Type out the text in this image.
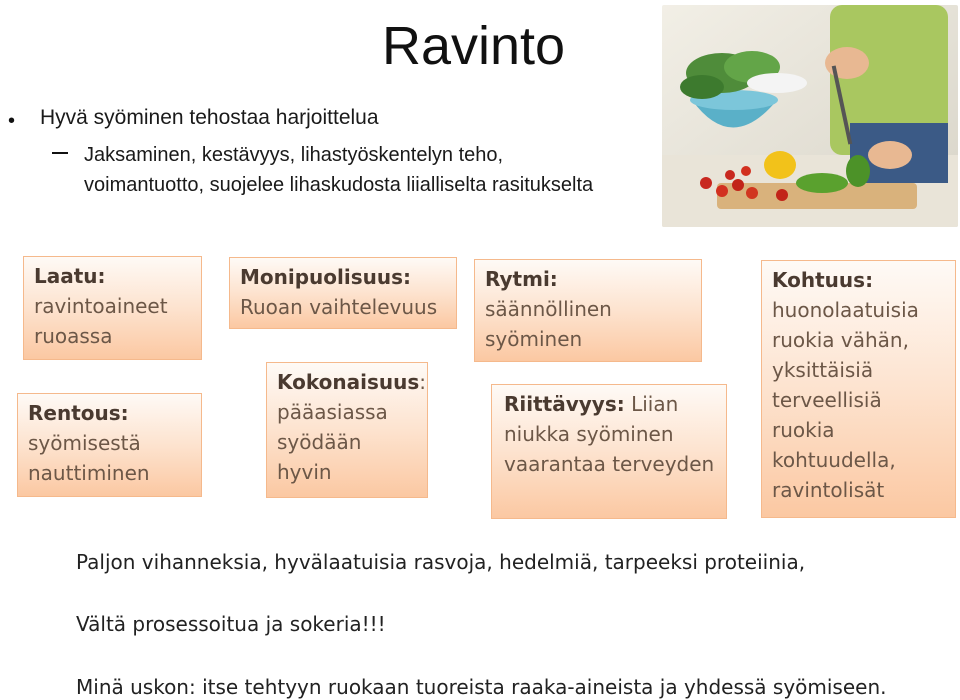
Ravinto
• Hyvä syöminen tehostaa harjoittelua
Jaksaminen, kestävyys, lihastyöskentelyn teho, voimantuotto, suojelee lihaskudosta liialliselta rasitukselta
Laatu:
ravintoaineet ruoassa
Rentous:
syömisestä nauttiminen
Monipuolisuus:
Ruoan vaihtelevuus
Kokonaisuus:
pääasiassa syödään hyvin
Rytmi:
säännöllinen syöminen
Riittävyys: Liian niukka syöminen vaarantaa terveyden
Kohtuus:
huonolaatuisia ruokia vähän, yksittäisiä terveellisiä ruokia kohtuudella, ravintolisät
Paljon vihanneksia, hyvälaatuisia rasvoja, hedelmiä, tarpeeksi proteiinia,
Vältä prosessoitua ja sokeria!!!
Minä uskon: itse tehtyyn ruokaan tuoreista raaka-aineista ja yhdessä syömiseen.
